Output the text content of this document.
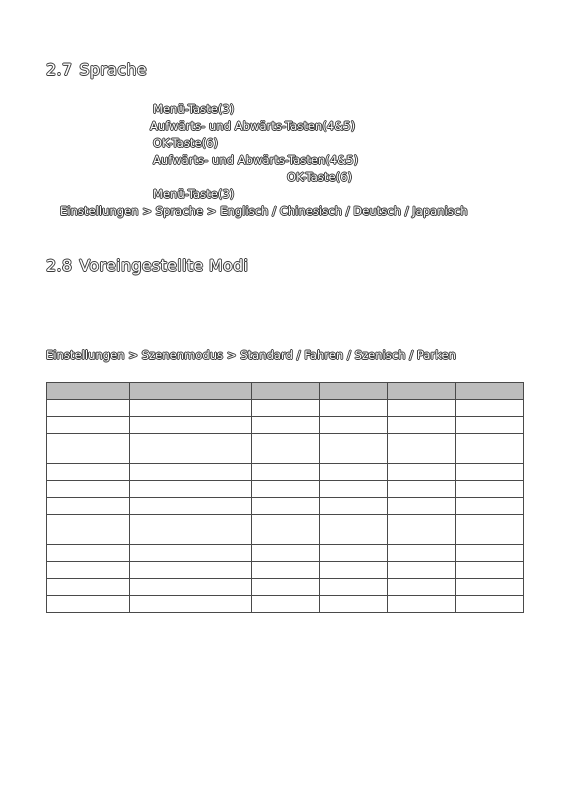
2.7 Sprache
Menü-Taste(3)
Aufwärts- und Abwärts-Tasten(4&5)
OK-Taste(6)
Aufwärts- und Abwärts-Tasten(4&5)
OK-Taste(6)
Menü-Taste(3)
Einstellungen > Sprache > Englisch / Chinesisch / Deutsch / Japanisch
2.8 Voreingestellte Modi
Einstellungen > Szenenmodus > Standard / Fahren / Szenisch / Parken
